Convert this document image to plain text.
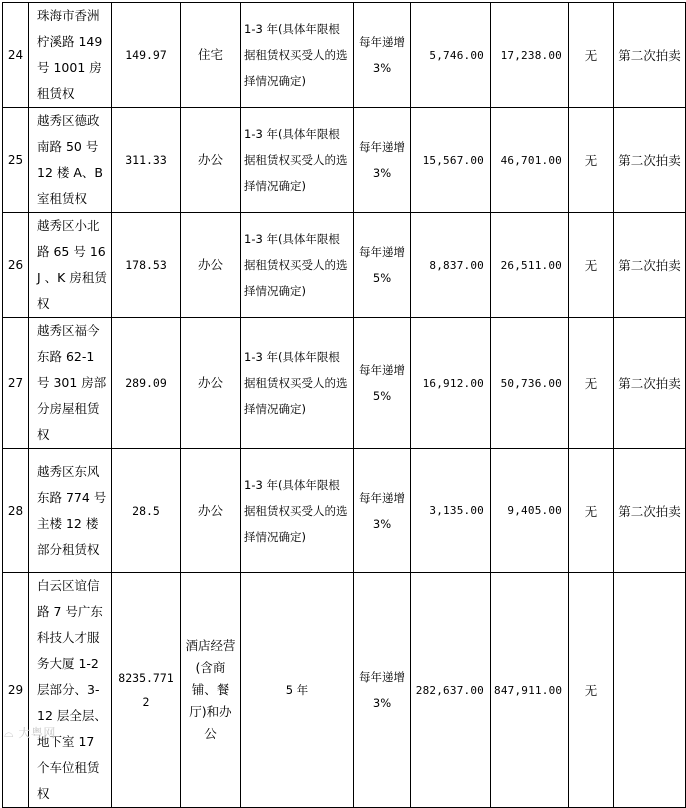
24	珠海市香洲柠溪路 149 号 1001 房租赁权	149.97	住宅	1-3 年(具体年限根据租赁权买受人的选择情况确定)	每年递增 3%	5,746.00	17,238.00	无	第二次拍卖
25	越秀区德政南路 50 号 12 楼 A、B 室租赁权	311.33	办公	1-3 年(具体年限根据租赁权买受人的选择情况确定)	每年递增 3%	15,567.00	46,701.00	无	第二次拍卖
26	越秀区小北路 65 号 16 J 、K 房租赁权	178.53	办公	1-3 年(具体年限根据租赁权买受人的选择情况确定)	每年递增 5%	8,837.00	26,511.00	无	第二次拍卖
27	越秀区福今东路 62-1 号 301 房部分房屋租赁权	289.09	办公	1-3 年(具体年限根据租赁权买受人的选择情况确定)	每年递增 5%	16,912.00	50,736.00	无	第二次拍卖
28	越秀区东风东路 774 号主楼 12 楼部分租赁权	28.5	办公	1-3 年(具体年限根据租赁权买受人的选择情况确定)	每年递增 3%	3,135.00	9,405.00	无	第二次拍卖
29	白云区谊信路 7 号广东科技人才服务大厦 1-2 层部分、3-12 层全层、地下室 17 个车位租赁权	8235.7712	酒店经营(含商铺、餐厅)和办公	5 年	每年递增 3%	282,637.00	847,911.00	无	
⌓ 大粤网
